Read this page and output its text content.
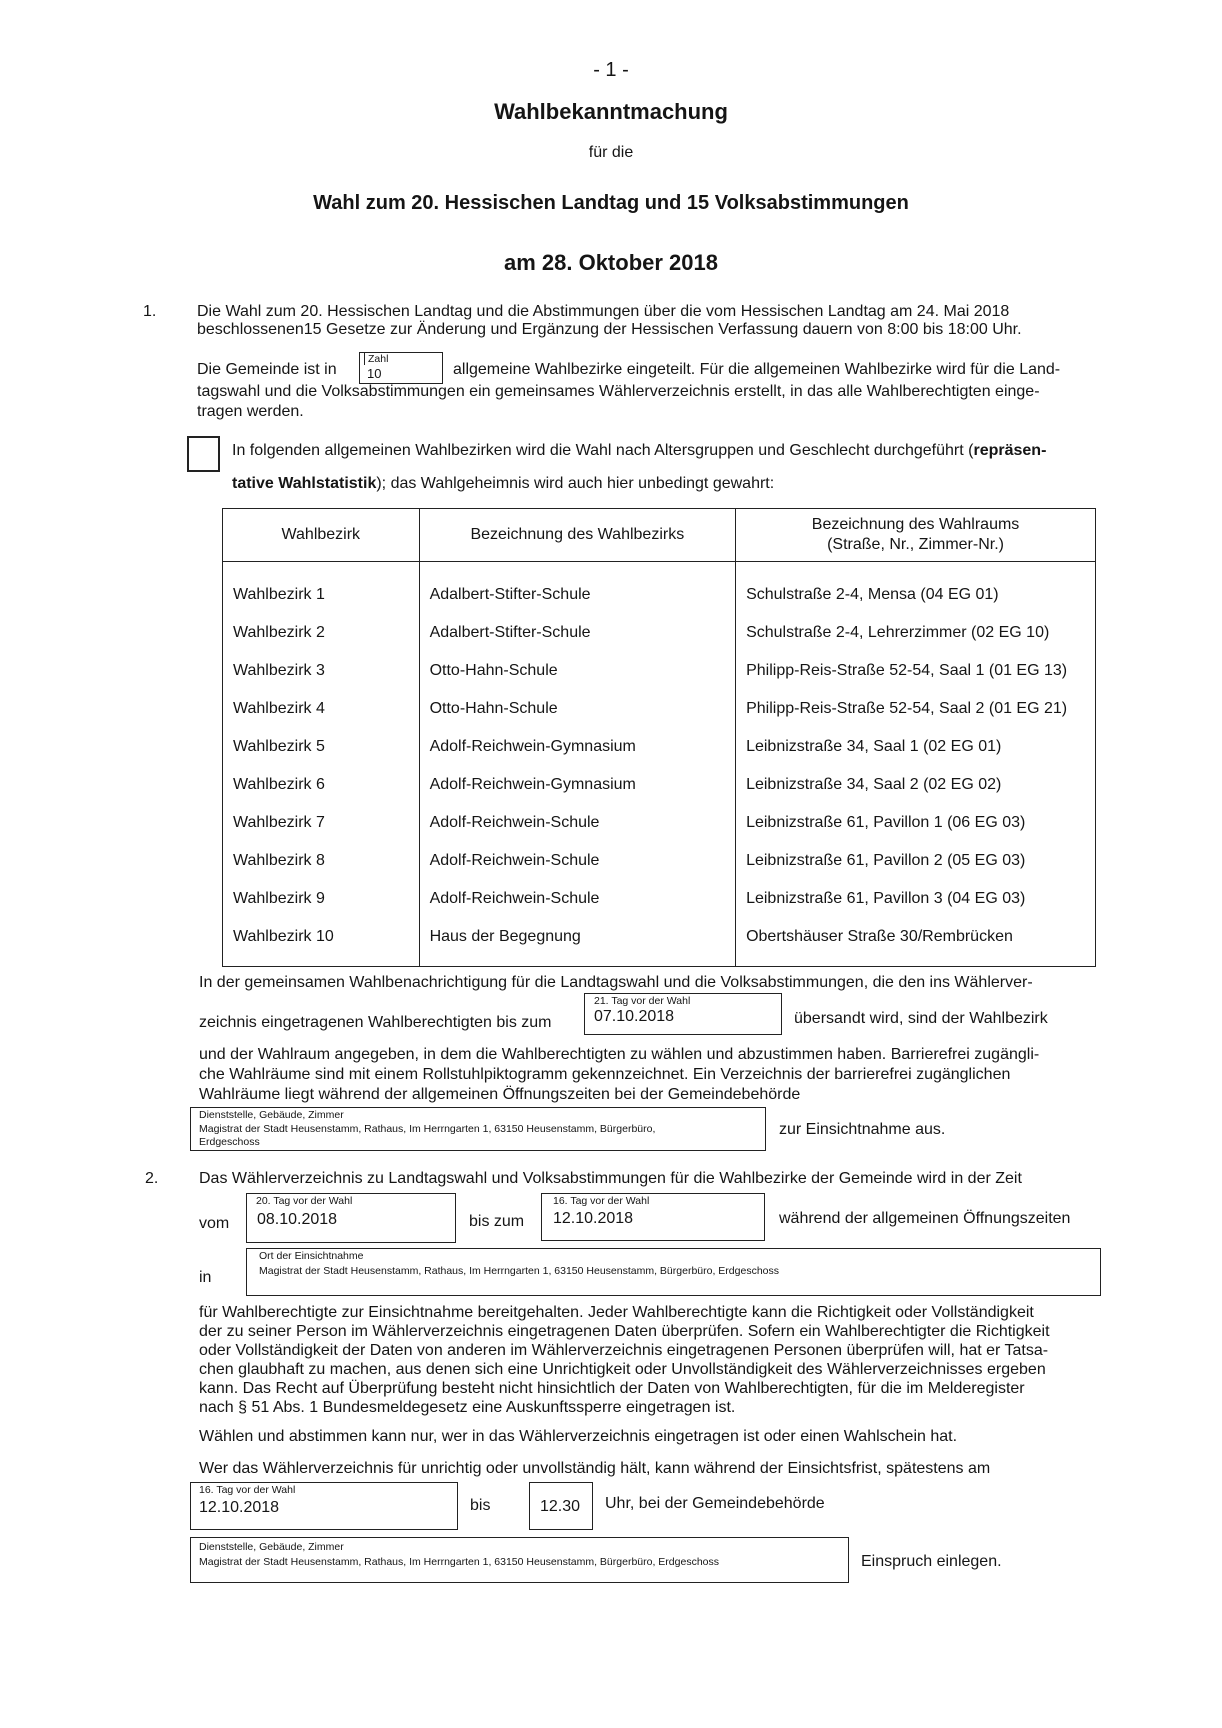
- 1 -
Wahlbekanntmachung
für die
Wahl zum 20. Hessischen Landtag und 15 Volksabstimmungen
am 28. Oktober 2018
1.	Die Wahl zum 20. Hessischen Landtag und die Abstimmungen über die vom Hessischen Landtag am 24. Mai 2018
beschlossenen15 Gesetze zur Änderung und Ergänzung der Hessischen Verfassung dauern von 8:00 bis 18:00 Uhr.
Die Gemeinde ist in
Zahl
10	allgemeine Wahlbezirke eingeteilt. Für die allgemeinen Wahlbezirke wird für die Land-
tagswahl und die Volksabstimmungen ein gemeinsames Wählerverzeichnis erstellt, in das alle Wahlberechtigten einge-
tragen werden.
In folgenden allgemeinen Wahlbezirken wird die Wahl nach Altersgruppen und Geschlecht durchgeführt (repräsen-
tative Wahlstatistik); das Wahlgeheimnis wird auch hier unbedingt gewahrt:
Wahlbezirk	Bezeichnung des Wahlbezirks	Bezeichnung des Wahlraums
(Straße, Nr., Zimmer-Nr.)
Wahlbezirk 1	Adalbert-Stifter-Schule	Schulstraße 2-4, Mensa (04 EG 01)
Wahlbezirk 2	Adalbert-Stifter-Schule	Schulstraße 2-4, Lehrerzimmer (02 EG 10)
Wahlbezirk 3	Otto-Hahn-Schule	Philipp-Reis-Straße 52-54, Saal 1 (01 EG 13)
Wahlbezirk 4	Otto-Hahn-Schule	Philipp-Reis-Straße 52-54, Saal 2 (01 EG 21)
Wahlbezirk 5	Adolf-Reichwein-Gymnasium	Leibnizstraße 34, Saal 1 (02 EG 01)
Wahlbezirk 6	Adolf-Reichwein-Gymnasium	Leibnizstraße 34, Saal 2 (02 EG 02)
Wahlbezirk 7	Adolf-Reichwein-Schule	Leibnizstraße 61, Pavillon 1 (06 EG 03)
Wahlbezirk 8	Adolf-Reichwein-Schule	Leibnizstraße 61, Pavillon 2 (05 EG 03)
Wahlbezirk 9	Adolf-Reichwein-Schule	Leibnizstraße 61, Pavillon 3 (04 EG 03)
Wahlbezirk 10	Haus der Begegnung	Obertshäuser Straße 30/Rembrücken
In der gemeinsamen Wahlbenachrichtigung für die Landtagswahl und die Volksabstimmungen, die den ins Wählerver-
zeichnis eingetragenen Wahlberechtigten bis zum
21. Tag vor der Wahl
07.10.2018	übersandt wird, sind der Wahlbezirk
und der Wahlraum angegeben, in dem die Wahlberechtigten zu wählen und abzustimmen haben. Barrierefrei zugängli-
che Wahlräume sind mit einem Rollstuhlpiktogramm gekennzeichnet. Ein Verzeichnis der barrierefrei zugänglichen
Wahlräume liegt während der allgemeinen Öffnungszeiten bei der Gemeindebehörde
Dienststelle, Gebäude, Zimmer
Magistrat der Stadt Heusenstamm, Rathaus, Im Herrngarten 1, 63150 Heusenstamm, Bürgerbüro,
Erdgeschoss
zur Einsichtnahme aus.
2.	Das Wählerverzeichnis zu Landtagswahl und Volksabstimmungen für die Wahlbezirke der Gemeinde wird in der Zeit
vom
20. Tag vor der Wahl
08.10.2018	bis zum
16. Tag vor der Wahl
12.10.2018	während der allgemeinen Öffnungszeiten
in
Ort der Einsichtnahme
Magistrat der Stadt Heusenstamm, Rathaus, Im Herrngarten 1, 63150 Heusenstamm, Bürgerbüro, Erdgeschoss
für Wahlberechtigte zur Einsichtnahme bereitgehalten. Jeder Wahlberechtigte kann die Richtigkeit oder Vollständigkeit
der zu seiner Person im Wählerverzeichnis eingetragenen Daten überprüfen. Sofern ein Wahlberechtigter die Richtigkeit
oder Vollständigkeit der Daten von anderen im Wählerverzeichnis eingetragenen Personen überprüfen will, hat er Tatsa-
chen glaubhaft zu machen, aus denen sich eine Unrichtigkeit oder Unvollständigkeit des Wählerverzeichnisses ergeben
kann. Das Recht auf Überprüfung besteht nicht hinsichtlich der Daten von Wahlberechtigten, für die im Melderegister
nach § 51 Abs. 1 Bundesmeldegesetz eine Auskunftssperre eingetragen ist.
Wählen und abstimmen kann nur, wer in das Wählerverzeichnis eingetragen ist oder einen Wahlschein hat.
Wer das Wählerverzeichnis für unrichtig oder unvollständig hält, kann während der Einsichtsfrist, spätestens am
16. Tag vor der Wahl
12.10.2018	bis	12.30 Uhr, bei der Gemeindebehörde
Dienststelle, Gebäude, Zimmer
Magistrat der Stadt Heusenstamm, Rathaus, Im Herrngarten 1, 63150 Heusenstamm, Bürgerbüro, Erdgeschoss	Einspruch einlegen.
